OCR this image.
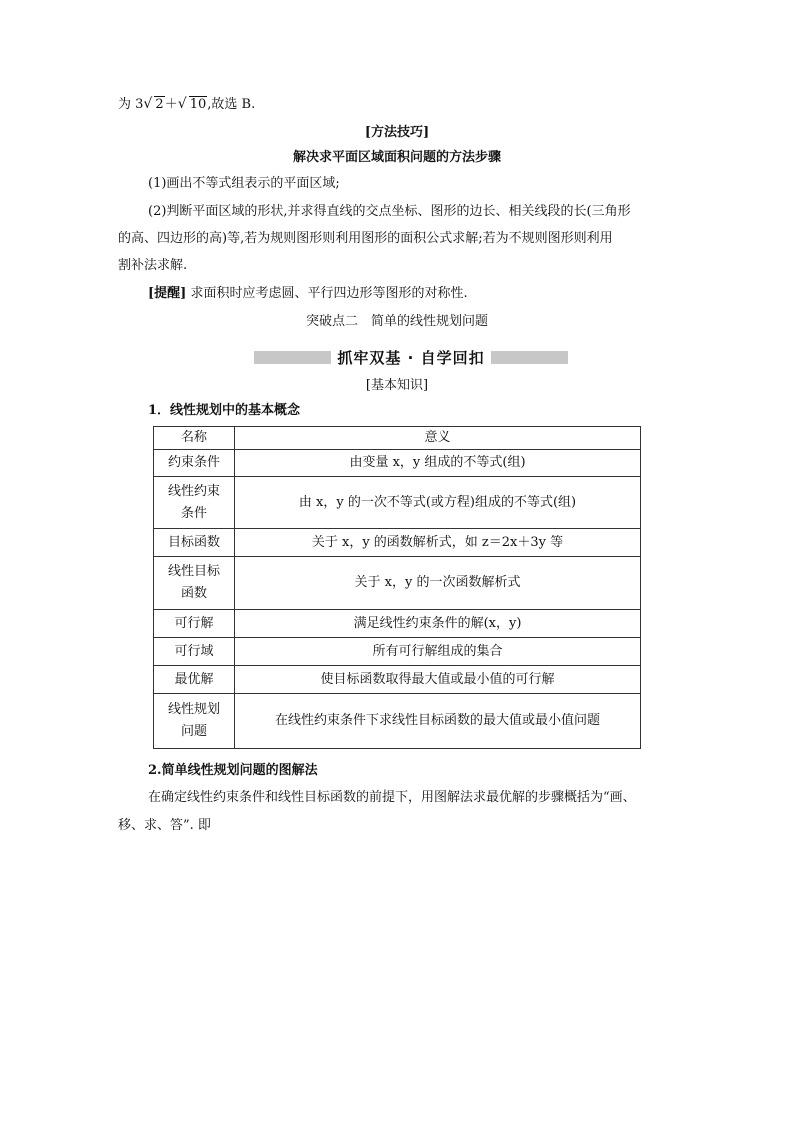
为 3 √ 2＋ √ 10,故选 B.
[方法技巧]
解决求平面区域面积问题的方法步骤
(1)画出不等式组表示的平面区域;
(2)判断平面区域的形状,并求得直线的交点坐标、图形的边长、相关线段的长(三角形
的高、四边形的高)等,若为规则图形则利用图形的面积公式求解;若为不规则图形则利用
割补法求解.
[提醒] 求面积时应考虑圆、平行四边形等图形的对称性.
突破点二　简单的线性规划问题
抓牢双基 · 自学回扣
[基本知识]
1．线性规划中的基本概念
名称	意义
约束条件	由变量 x，y 组成的不等式(组)

线性约束
条件	由 x，y 的一次不等式(或方程)组成的不等式(组)
目标函数	关于 x，y 的函数解析式，如 z＝2x＋3y 等

线性目标
函数	关于 x，y 的一次函数解析式
可行解	满足线性约束条件的解(x，y)
可行域	所有可行解组成的集合
最优解	使目标函数取得最大值或最小值的可行解

线性规划
问题	在线性约束条件下求线性目标函数的最大值或最小值问题
2.简单线性规划问题的图解法
在确定线性约束条件和线性目标函数的前提下，用图解法求最优解的步骤概括为“画、
移、求、答”. 即
